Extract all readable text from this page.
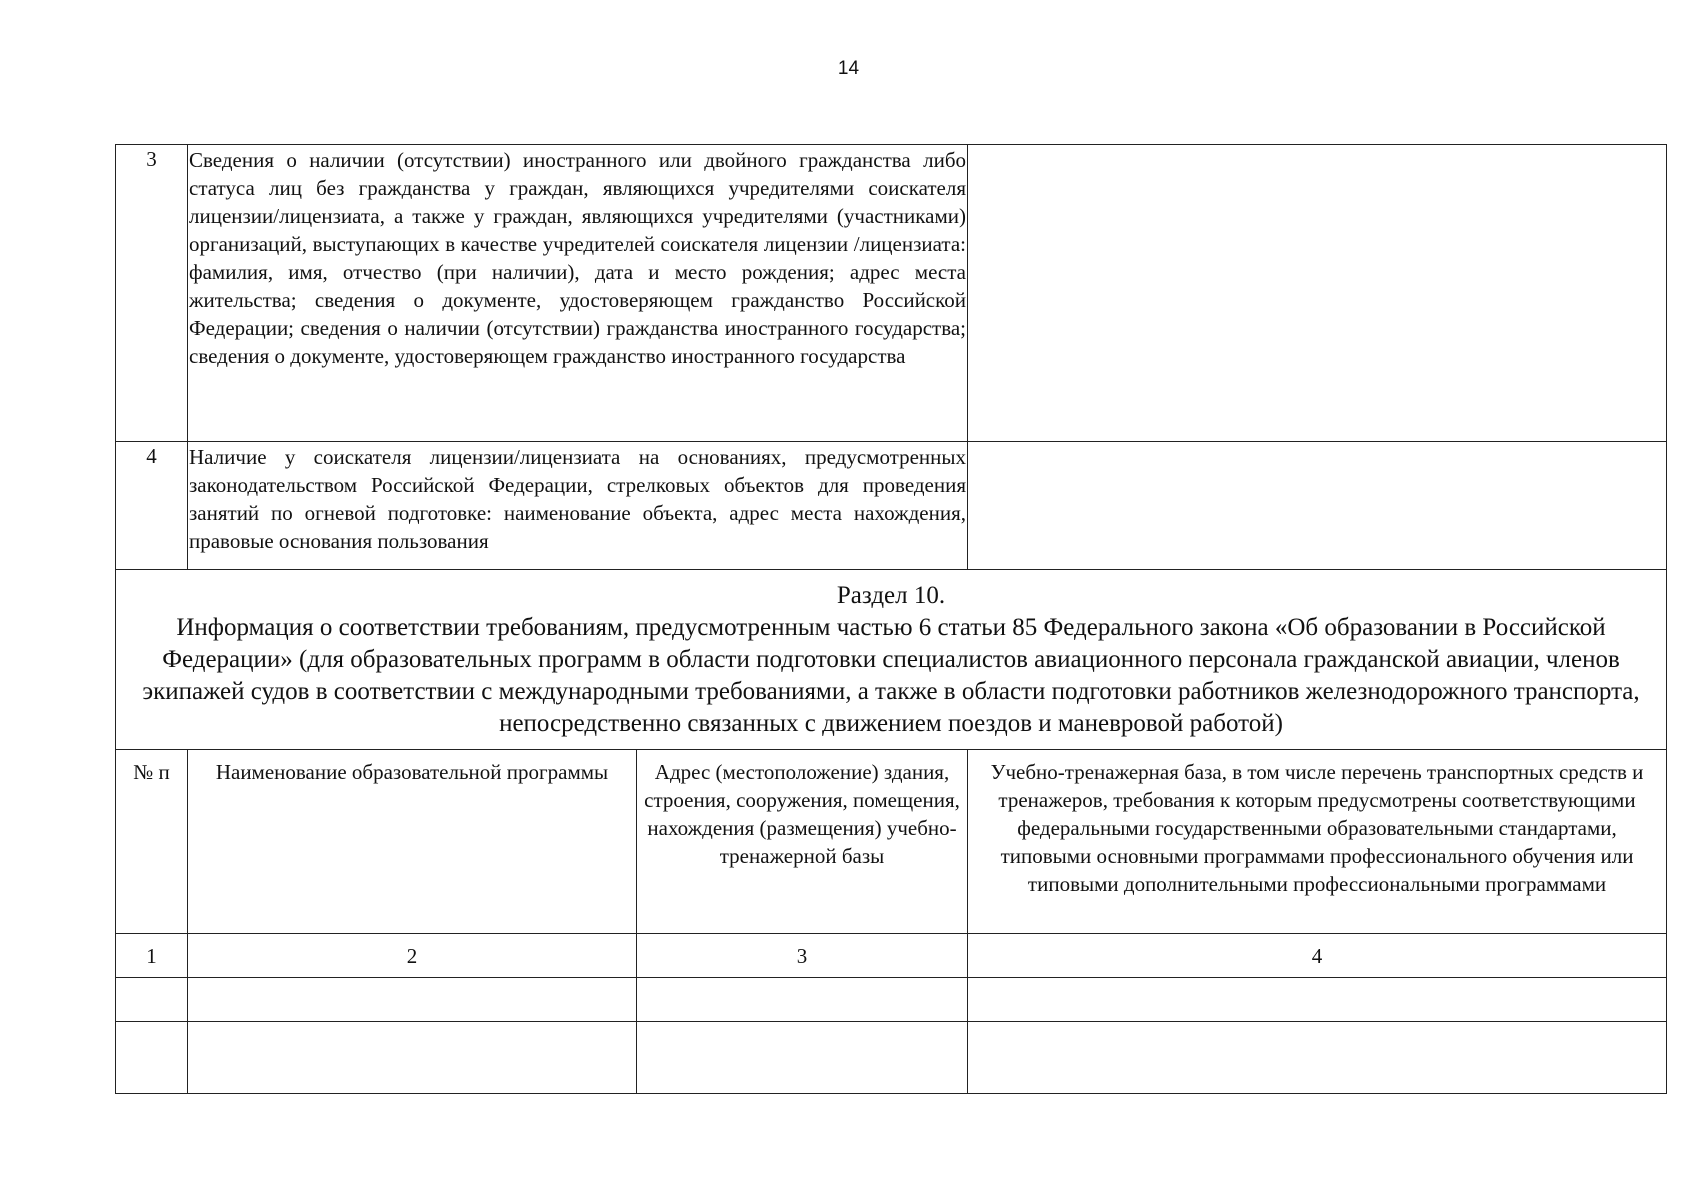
14
3	Сведения о наличии (отсутствии) иностранного или двойного гражданства либо статуса лиц без гражданства у граждан, являющихся учредителями соискателя лицензии/лицензиата, а также у граждан, являющихся учредителями (участниками) организаций, выступающих в качестве учредителей соискателя лицензии /лицензиата: фамилия, имя, отчество (при наличии), дата и место рождения; адрес места жительства; сведения о документе, удостоверяющем гражданство Российской Федерации; сведения о наличии (отсутствии) гражданства иностранного государства; сведения о документе, удостоверяющем гражданство иностранного государства		
4	Наличие у соискателя лицензии/лицензиата на основаниях, предусмотренных законодательством Российской Федерации, стрелковых объектов для проведения занятий по огневой подготовке: наименование объекта, адрес места нахождения, правовые основания пользования		

Раздел 10.
Информация о соответствии требованиям, предусмотренным частью 6 статьи 85 Федерального закона «Об образовании в Российской Федерации» (для образовательных программ в области подготовки специалистов авиационного персонала гражданской авиации, членов экипажей судов в соответствии с международными требованиями, а также в области подготовки работников железнодорожного транспорта, непосредственно связанных с движением поездов и маневровой работой)			

№ п	Наименование образовательной программы	Адрес (местоположение) здания, строения, сооружения, помещения, нахождения (размещения) учебно-тренажерной базы	Учебно-тренажерная база, в том числе перечень транспортных средств и тренажеров, требования к которым предусмотрены соответствующими федеральными государственными образовательными стандартами, типовыми основными программами профессионального обучения или типовыми дополнительными профессиональными программами
1	2	3	4
